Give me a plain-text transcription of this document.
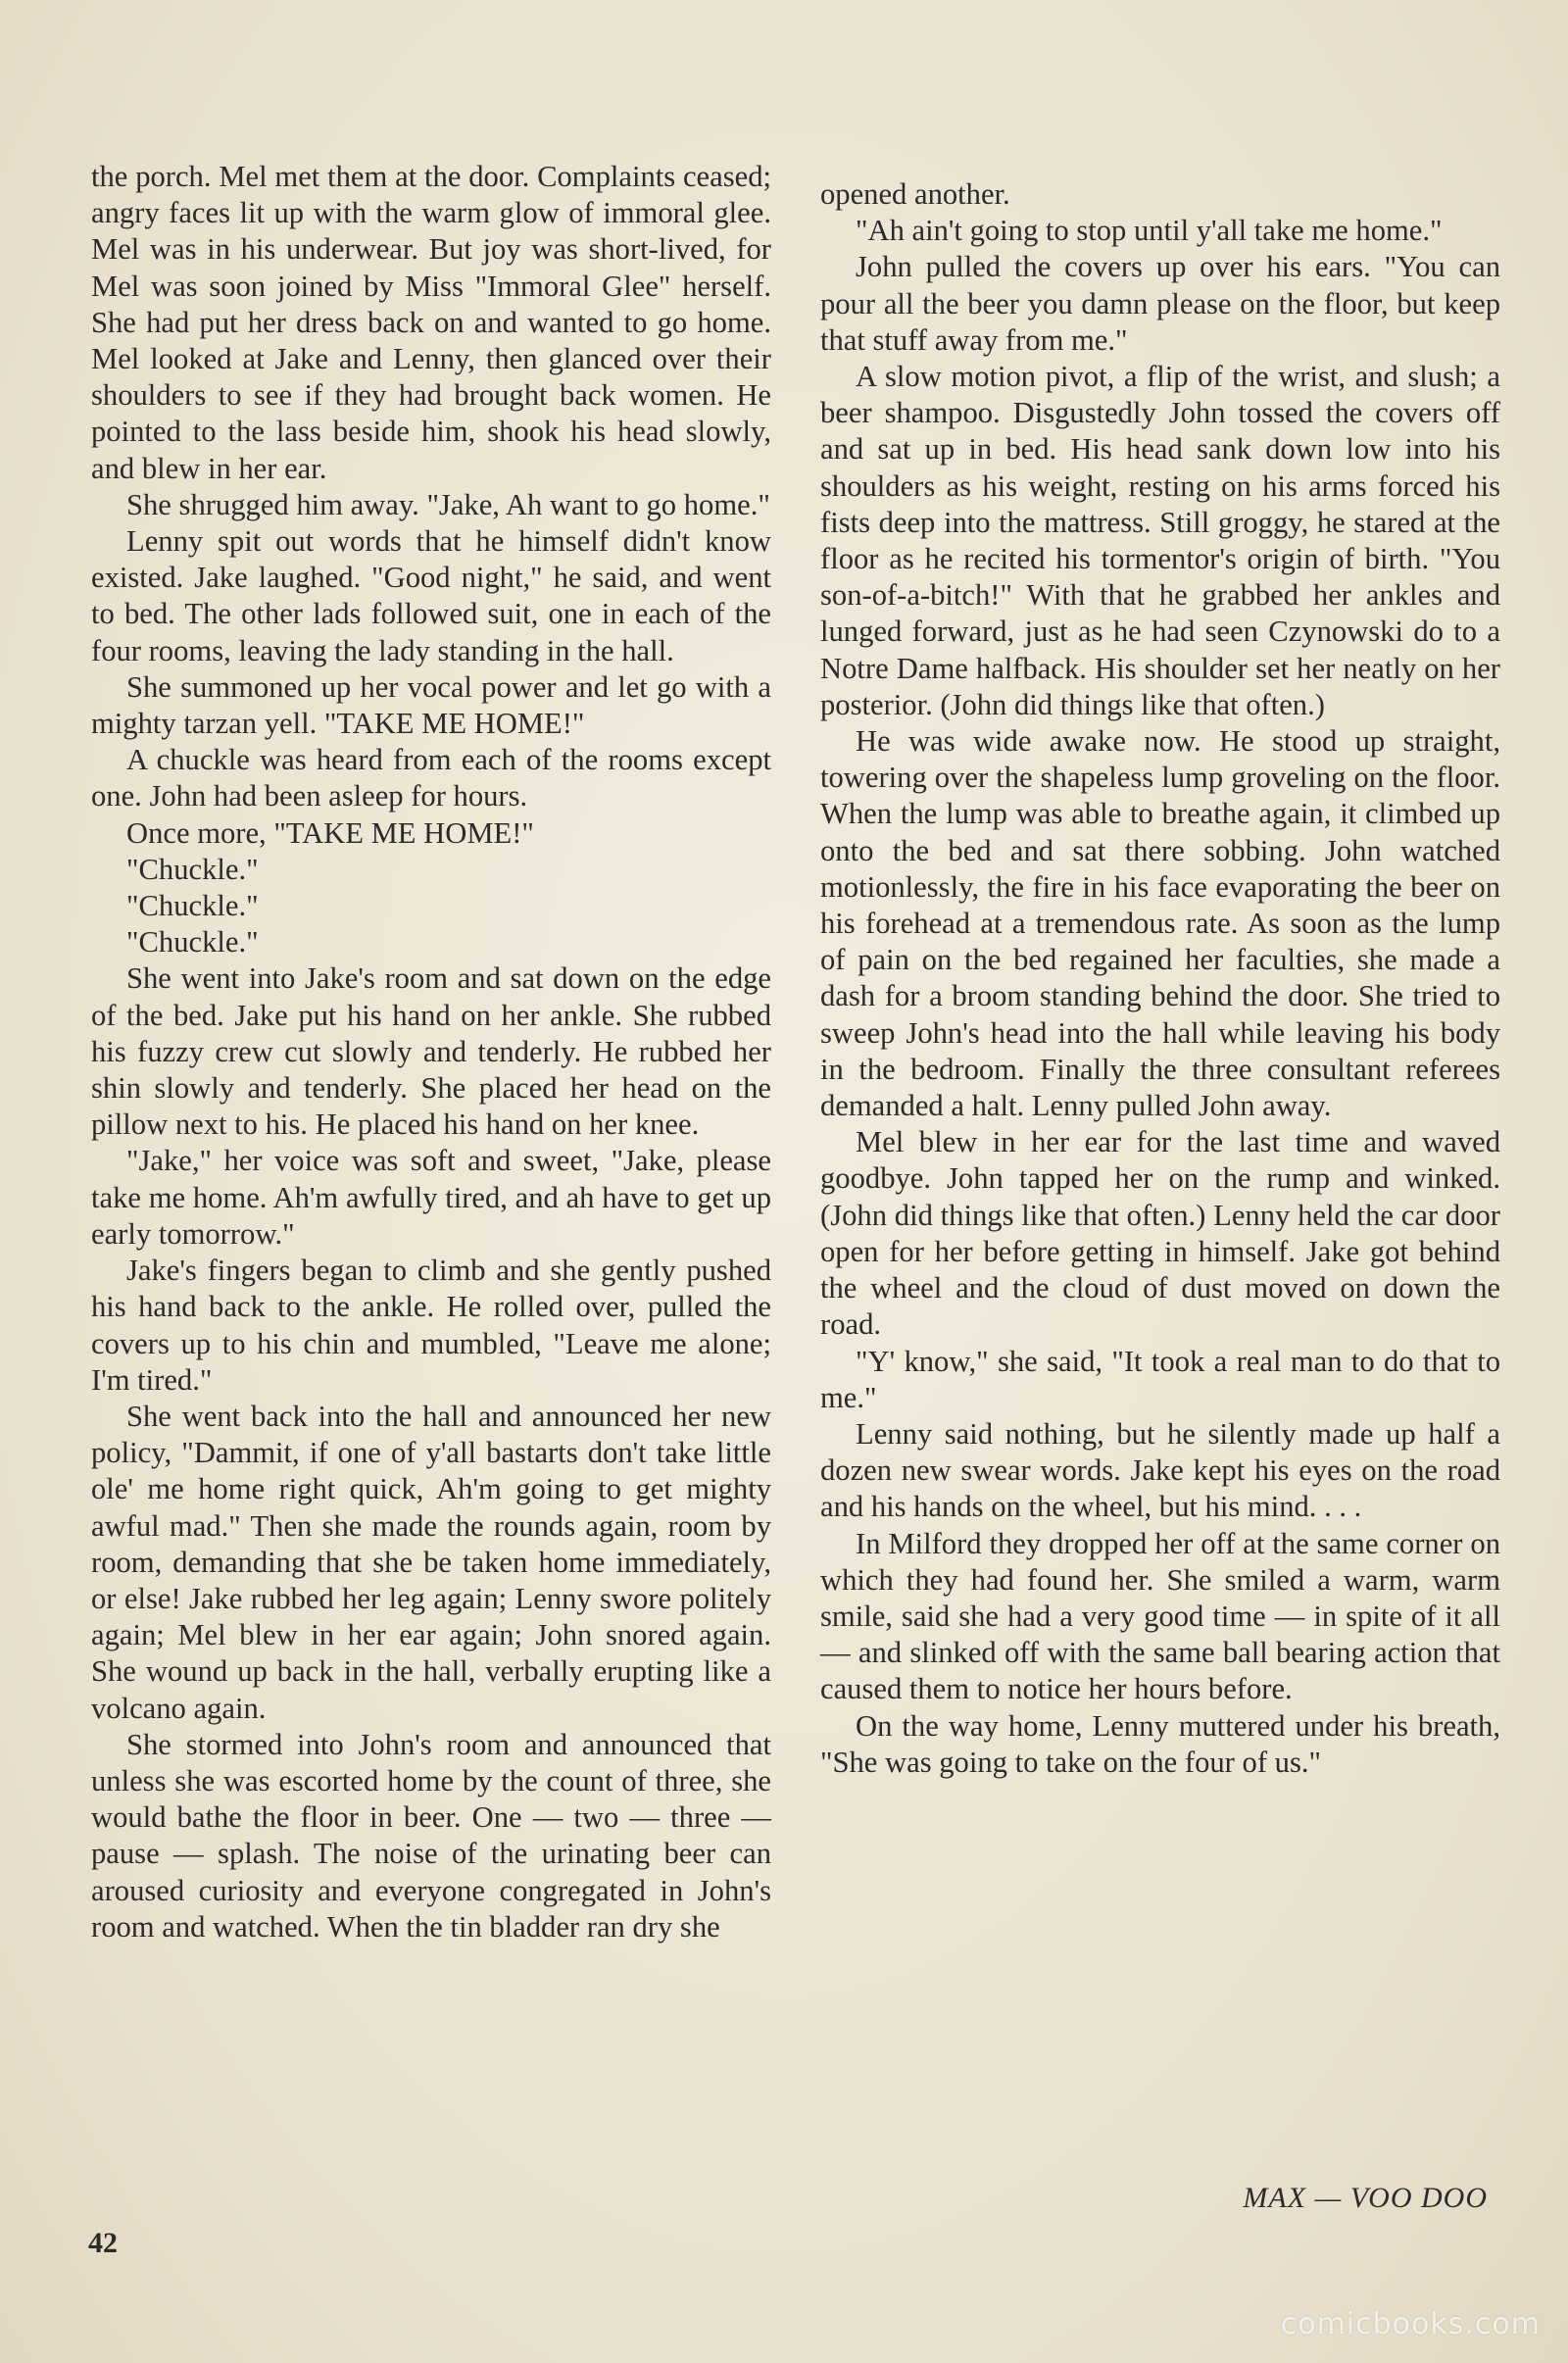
the porch. Mel met them at the door. Complaints ceased; angry faces lit up with the warm glow of immoral glee. Mel was in his underwear. But joy was short-lived, for Mel was soon joined by Miss "Immoral Glee" herself. She had put her dress back on and wanted to go home. Mel looked at Jake and Lenny, then glanced over their shoulders to see if they had brought back women. He pointed to the lass beside him, shook his head slowly, and blew in her ear.

She shrugged him away. "Jake, Ah want to go home."

Lenny spit out words that he himself didn't know existed. Jake laughed. "Good night," he said, and went to bed. The other lads followed suit, one in each of the four rooms, leaving the lady standing in the hall.

She summoned up her vocal power and let go with a mighty tarzan yell. "TAKE ME HOME!"

A chuckle was heard from each of the rooms except one. John had been asleep for hours.

Once more, "TAKE ME HOME!"

"Chuckle."

"Chuckle."

"Chuckle."

She went into Jake's room and sat down on the edge of the bed. Jake put his hand on her ankle. She rubbed his fuzzy crew cut slowly and tenderly. He rubbed her shin slowly and tenderly. She placed her head on the pillow next to his. He placed his hand on her knee.

"Jake," her voice was soft and sweet, "Jake, please take me home. Ah'm awfully tired, and ah have to get up early tomorrow."

Jake's fingers began to climb and she gently pushed his hand back to the ankle. He rolled over, pulled the covers up to his chin and mumbled, "Leave me alone; I'm tired."

She went back into the hall and announced her new policy, "Dammit, if one of y'all bastarts don't take little ole' me home right quick, Ah'm going to get mighty awful mad." Then she made the rounds again, room by room, demanding that she be taken home immediately, or else! Jake rubbed her leg again; Lenny swore politely again; Mel blew in her ear again; John snored again. She wound up back in the hall, verbally erupting like a volcano again.

She stormed into John's room and announced that unless she was escorted home by the count of three, she would bathe the floor in beer. One — two — three — pause — splash. The noise of the urinating beer can aroused curiosity and everyone congregated in John's room and watched. When the tin bladder ran dry she

opened another.

"Ah ain't going to stop until y'all take me home."

John pulled the covers up over his ears. "You can pour all the beer you damn please on the floor, but keep that stuff away from me."

A slow motion pivot, a flip of the wrist, and slush; a beer shampoo. Disgustedly John tossed the covers off and sat up in bed. His head sank down low into his shoulders as his weight, resting on his arms forced his fists deep into the mattress. Still groggy, he stared at the floor as he recited his tormentor's origin of birth. "You son-of-a-bitch!" With that he grabbed her ankles and lunged forward, just as he had seen Czynowski do to a Notre Dame halfback. His shoulder set her neatly on her posterior. (John did things like that often.)

He was wide awake now. He stood up straight, towering over the shapeless lump groveling on the floor. When the lump was able to breathe again, it climbed up onto the bed and sat there sobbing. John watched motionlessly, the fire in his face evaporating the beer on his forehead at a tremendous rate. As soon as the lump of pain on the bed regained her faculties, she made a dash for a broom standing behind the door. She tried to sweep John's head into the hall while leaving his body in the bedroom. Finally the three consultant referees demanded a halt. Lenny pulled John away.

Mel blew in her ear for the last time and waved goodbye. John tapped her on the rump and winked. (John did things like that often.) Lenny held the car door open for her before getting in himself. Jake got behind the wheel and the cloud of dust moved on down the road.

"Y' know," she said, "It took a real man to do that to me."

Lenny said nothing, but he silently made up half a dozen new swear words. Jake kept his eyes on the road and his hands on the wheel, but his mind. . . .

In Milford they dropped her off at the same corner on which they had found her. She smiled a warm, warm smile, said she had a very good time — in spite of it all — and slinked off with the same ball bearing action that caused them to notice her hours before.

On the way home, Lenny muttered under his breath, "She was going to take on the four of us."

MAX — VOO DOO
42
comicbooks.com
